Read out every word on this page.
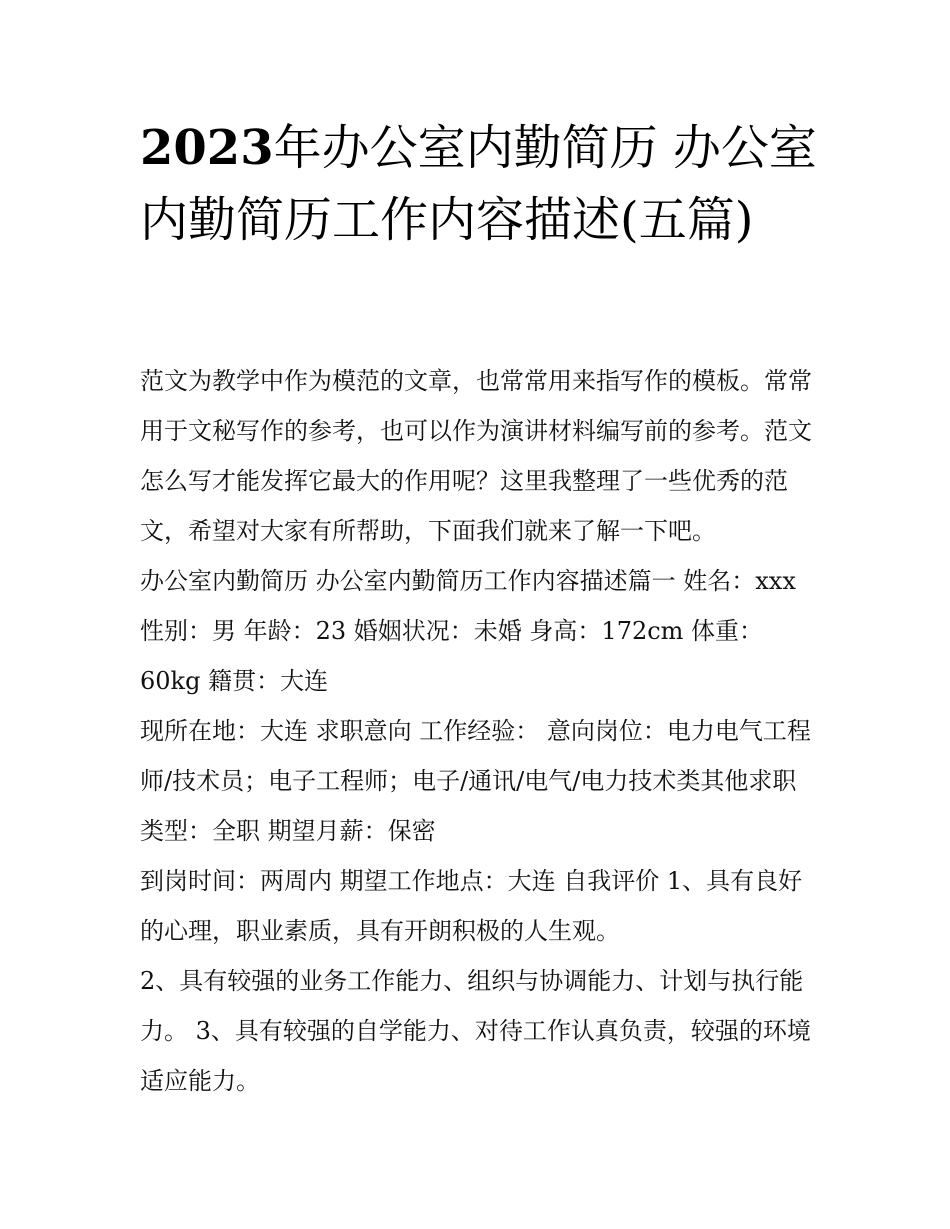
2023年办公室内勤简历 办公室内勤简历工作内容描述(五篇)

范文为教学中作为模范的文章，也常常用来指写作的模板。常常用于文秘写作的参考，也可以作为演讲材料编写前的参考。范文怎么写才能发挥它最大的作用呢？这里我整理了一些优秀的范文，希望对大家有所帮助，下面我们就来了解一下吧。

办公室内勤简历 办公室内勤简历工作内容描述篇一 姓名：xxx 性别：男 年龄：23 婚姻状况：未婚 身高：172cm 体重：60kg 籍贯：大连

现所在地：大连 求职意向 工作经验： 意向岗位：电力电气工程师/技术员；电子工程师；电子/通讯/电气/电力技术类其他求职类型：全职 期望月薪：保密

到岗时间：两周内 期望工作地点：大连 自我评价 1、具有良好的心理，职业素质，具有开朗积极的人生观。

2、具有较强的业务工作能力、组织与协调能力、计划与执行能力。 3、具有较强的自学能力、对待工作认真负责，较强的环境适应能力。
